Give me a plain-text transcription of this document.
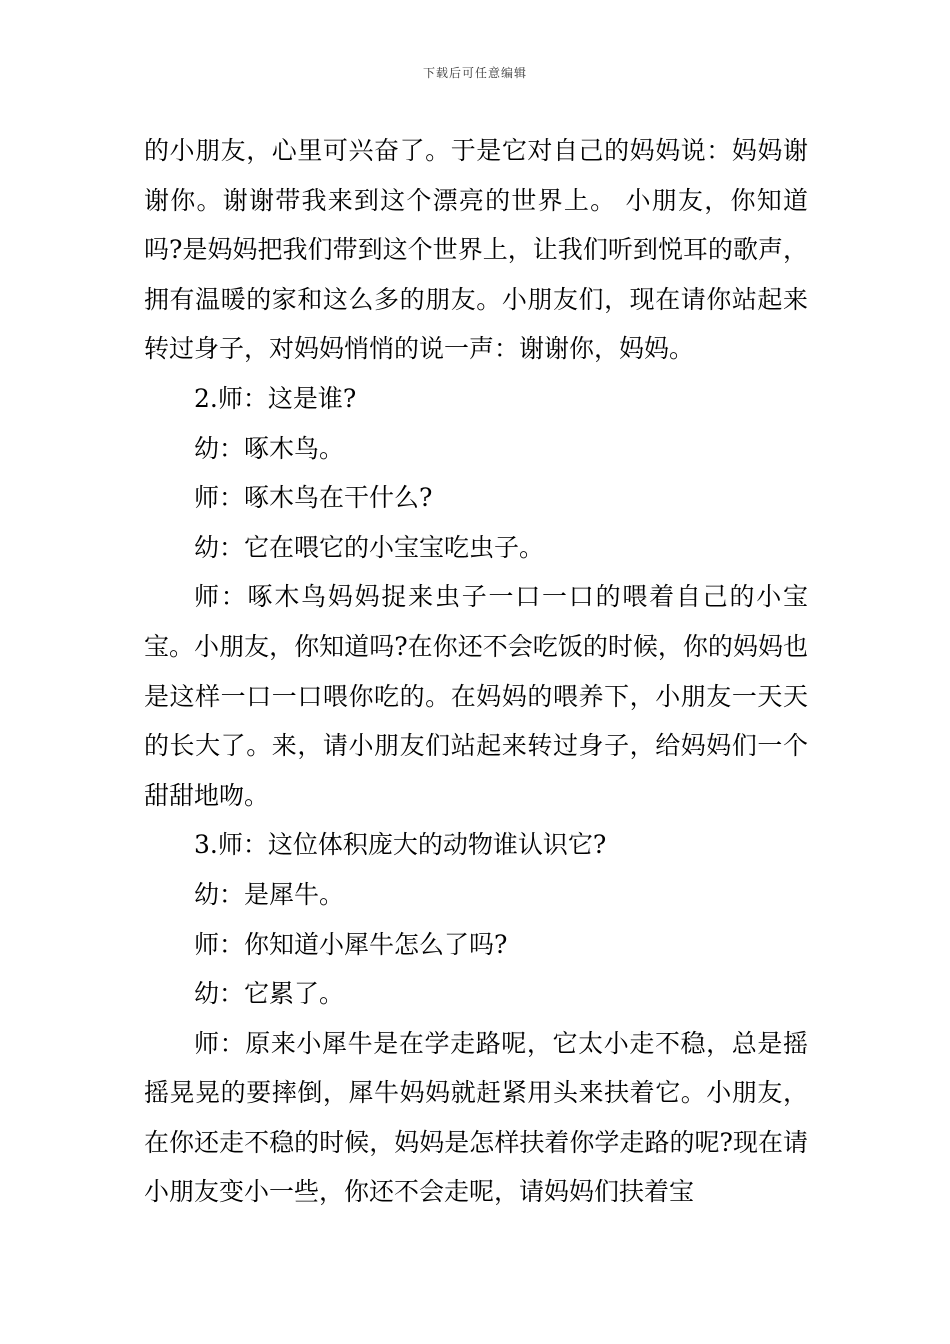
下载后可任意编辑

的小朋友，心里可兴奋了。于是它对自己的妈妈说：妈妈谢谢你。谢谢带我来到这个漂亮的世界上。 小朋友，你知道吗?是妈妈把我们带到这个世界上，让我们听到悦耳的歌声，拥有温暖的家和这么多的朋友。小朋友们，现在请你站起来转过身子，对妈妈悄悄的说一声：谢谢你，妈妈。

2.师：这是谁?

幼：啄木鸟。

师：啄木鸟在干什么?

幼：它在喂它的小宝宝吃虫子。

师：啄木鸟妈妈捉来虫子一口一口的喂着自己的小宝宝。小朋友，你知道吗?在你还不会吃饭的时候，你的妈妈也是这样一口一口喂你吃的。在妈妈的喂养下，小朋友一天天的长大了。来，请小朋友们站起来转过身子，给妈妈们一个甜甜地吻。

3.师：这位体积庞大的动物谁认识它?

幼：是犀牛。

师：你知道小犀牛怎么了吗?

幼：它累了。

师：原来小犀牛是在学走路呢，它太小走不稳，总是摇摇晃晃的要摔倒，犀牛妈妈就赶紧用头来扶着它。小朋友，在你还走不稳的时候，妈妈是怎样扶着你学走路的呢?现在请小朋友变小一些，你还不会走呢，请妈妈们扶着宝
